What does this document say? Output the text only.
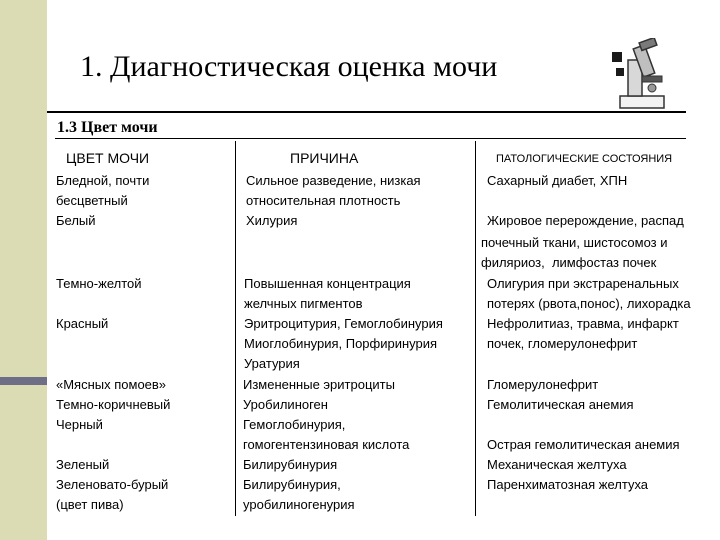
1. Диагностическая оценка мочи
1.3 Цвет мочи
ЦВЕТ МОЧИ	ПРИЧИНА	ПАТОЛОГИЧЕСКИЕ СОСТОЯНИЯ
Бледной, почти
бесцветный
Белый
Сильное разведение, низкая
относительная плотность
Хилурия
Сахарный диабет, ХПН

Жировое перерождение, распад
почечный ткани, шистосомоз и
филяриоз,  лимфостаз почек
Темно-желтой

Красный
Повышенная концентрация
желчных пигментов
Эритроцитурия, Гемоглобинурия
Миоглобинурия, Порфиринурия
Уратурия
Олигурия при экстраренальных
потерях (рвота,понос), лихорадка
Нефролитиаз, травма, инфаркт
почек, гломерулонефрит
«Мясных помоев»
Темно-коричневый
Черный

Зеленый
Зеленовато-бурый
(цвет пива)
Измененные эритроциты
Уробилиноген
Гемоглобинурия,
гомогентензиновая кислота
Билирубинурия
Билирубинурия,
уробилиногенурия
Гломерулонефрит
Гемолитическая анемия

Острая гемолитическая анемия
Механическая желтуха
Паренхиматозная желтуха
